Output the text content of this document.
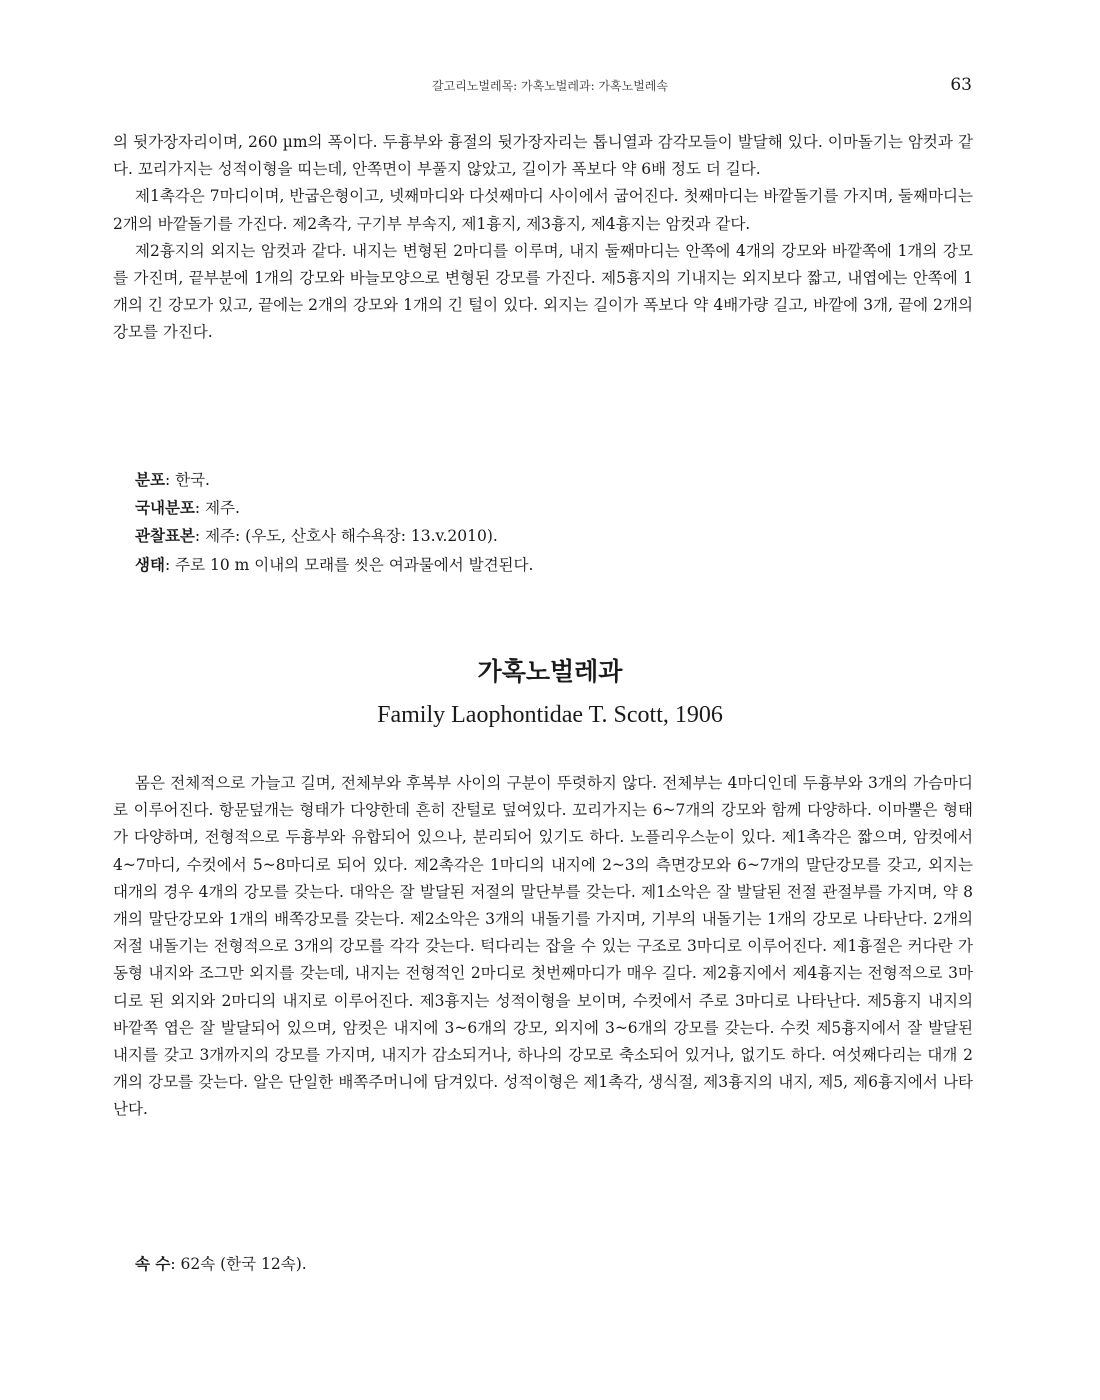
갈고리노벌레목: 가혹노벌레과: 가혹노벌레속	63

의 뒷가장자리이며, 260 µm의 폭이다. 두흉부와 흉절의 뒷가장자리는 톱니열과 감각모들이 발달해 있다. 이마돌기는 암컷과 같다. 꼬리가지는 성적이형을 띠는데, 안쪽면이 부풀지 않았고, 길이가 폭보다 약 6배 정도 더 길다.

제1촉각은 7마디이며, 반굽은형이고, 넷째마디와 다섯째마디 사이에서 굽어진다. 첫째마디는 바깥돌기를 가지며, 둘째마디는 2개의 바깥돌기를 가진다. 제2촉각, 구기부 부속지, 제1흉지, 제3흉지, 제4흉지는 암컷과 같다.

제2흉지의 외지는 암컷과 같다. 내지는 변형된 2마디를 이루며, 내지 둘째마디는 안쪽에 4개의 강모와 바깥쪽에 1개의 강모를 가진며, 끝부분에 1개의 강모와 바늘모양으로 변형된 강모를 가진다. 제5흉지의 기내지는 외지보다 짧고, 내엽에는 안쪽에 1개의 긴 강모가 있고, 끝에는 2개의 강모와 1개의 긴 털이 있다. 외지는 길이가 폭보다 약 4배가량 길고, 바깥에 3개, 끝에 2개의 강모를 가진다.

분포: 한국.

국내분포: 제주.

관찰표본: 제주: (우도, 산호사 해수욕장: 13.v.2010).

생태: 주로 10 m 이내의 모래를 씻은 여과물에서 발견된다.

가혹노벌레과
Family Laophontidae T. Scott, 1906

몸은 전체적으로 가늘고 길며, 전체부와 후복부 사이의 구분이 뚜렷하지 않다. 전체부는 4마디인데 두흉부와 3개의 가슴마디로 이루어진다. 항문덮개는 형태가 다양한데 흔히 잔털로 덮여있다. 꼬리가지는 6~7개의 강모와 함께 다양하다. 이마뿔은 형태가 다양하며, 전형적으로 두흉부와 유합되어 있으나, 분리되어 있기도 하다. 노플리우스눈이 있다. 제1촉각은 짧으며, 암컷에서 4~7마디, 수컷에서 5~8마디로 되어 있다. 제2촉각은 1마디의 내지에 2~3의 측면강모와 6~7개의 말단강모를 갖고, 외지는 대개의 경우 4개의 강모를 갖는다. 대악은 잘 발달된 저절의 말단부를 갖는다. 제1소악은 잘 발달된 전절 관절부를 가지며, 약 8개의 말단강모와 1개의 배쪽강모를 갖는다. 제2소악은 3개의 내돌기를 가지며, 기부의 내돌기는 1개의 강모로 나타난다. 2개의 저절 내돌기는 전형적으로 3개의 강모를 각각 갖는다. 턱다리는 잡을 수 있는 구조로 3마디로 이루어진다. 제1흉절은 커다란 가동형 내지와 조그만 외지를 갖는데, 내지는 전형적인 2마디로 첫번째마디가 매우 길다. 제2흉지에서 제4흉지는 전형적으로 3마디로 된 외지와 2마디의 내지로 이루어진다. 제3흉지는 성적이형을 보이며, 수컷에서 주로 3마디로 나타난다. 제5흉지 내지의 바깥쪽 엽은 잘 발달되어 있으며, 암컷은 내지에 3~6개의 강모, 외지에 3~6개의 강모를 갖는다. 수컷 제5흉지에서 잘 발달된 내지를 갖고 3개까지의 강모를 가지며, 내지가 감소되거나, 하나의 강모로 축소되어 있거나, 없기도 하다. 여섯째다리는 대개 2개의 강모를 갖는다. 알은 단일한 배쪽주머니에 담겨있다. 성적이형은 제1촉각, 생식절, 제3흉지의 내지, 제5, 제6흉지에서 나타난다.

속 수: 62속 (한국 12속).
